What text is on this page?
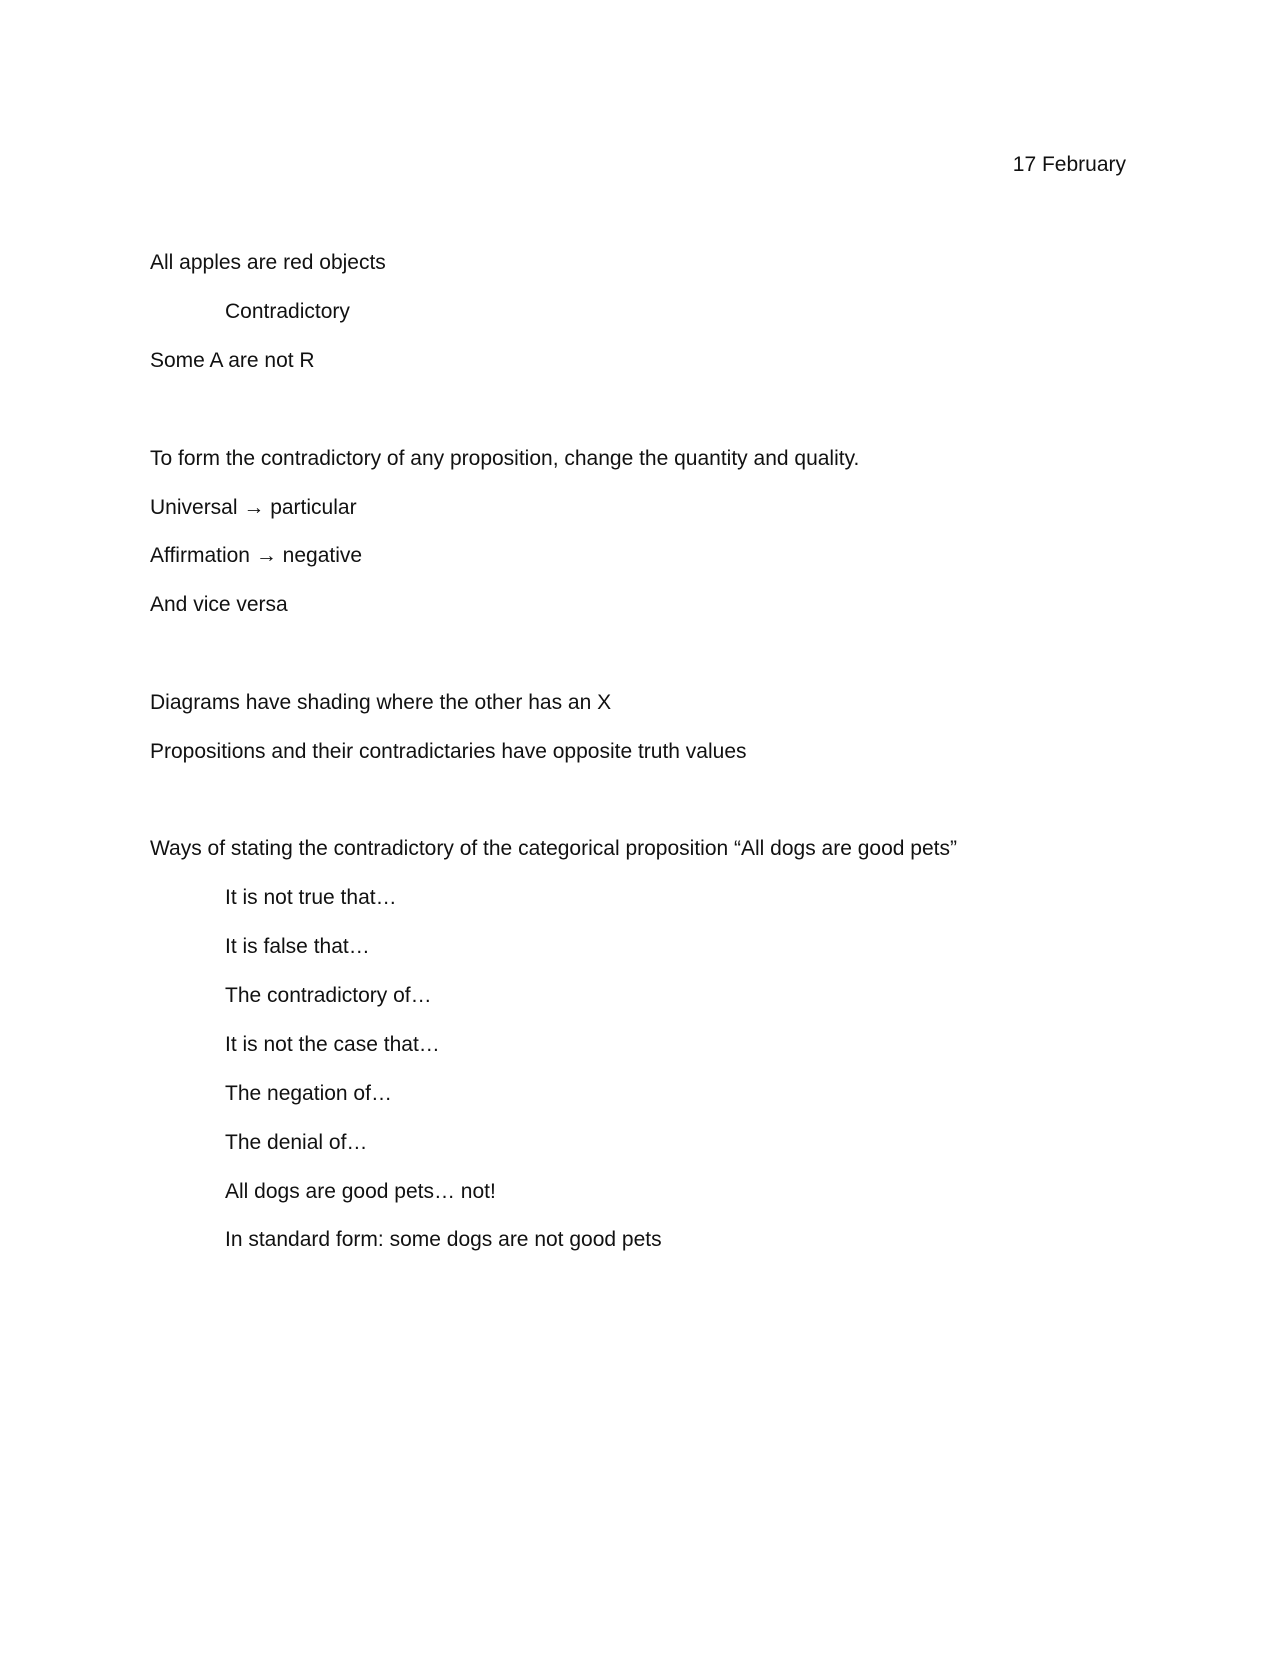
17 February
All apples are red objects
Contradictory
Some A are not R
To form the contradictory of any proposition, change the quantity and quality.
Universal → particular
Affirmation → negative
And vice versa
Diagrams have shading where the other has an X
Propositions and their contradictaries have opposite truth values
Ways of stating the contradictory of the categorical proposition “All dogs are good pets”
It is not true that…
It is false that…
The contradictory of…
It is not the case that…
The negation of…
The denial of…
All dogs are good pets… not!
In standard form: some dogs are not good pets
